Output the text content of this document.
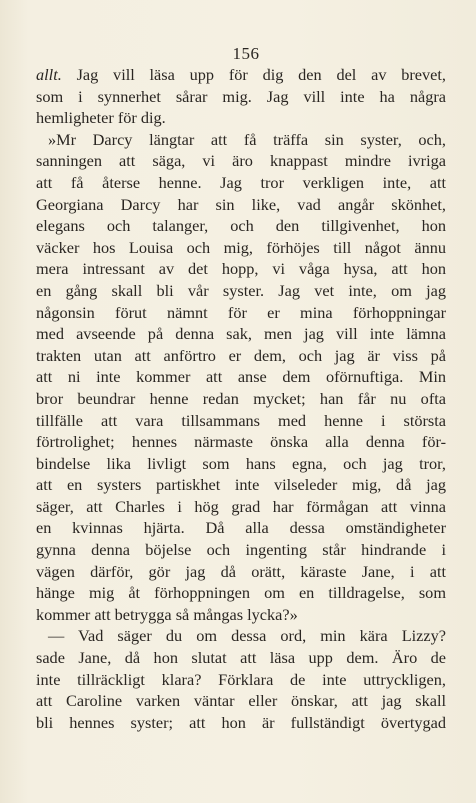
156
allt. Jag vill läsa upp för dig den del av brevet,
som i synnerhet sårar mig. Jag vill inte ha några
hemligheter för dig.
»Mr Darcy längtar att få träffa sin syster, och,
sanningen att säga, vi äro knappast mindre ivriga
att få återse henne. Jag tror verkligen inte, att
Georgiana Darcy har sin like, vad angår skönhet,
elegans och talanger, och den tillgivenhet, hon
väcker hos Louisa och mig, förhöjes till något ännu
mera intressant av det hopp, vi våga hysa, att hon
en gång skall bli vår syster. Jag vet inte, om jag
någonsin förut nämnt för er mina förhoppningar
med avseende på denna sak, men jag vill inte lämna
trakten utan att anförtro er dem, och jag är viss på
att ni inte kommer att anse dem oförnuftiga. Min
bror beundrar henne redan mycket; han får nu ofta
tillfälle att vara tillsammans med henne i största
förtrolighet; hennes närmaste önska alla denna för-
bindelse lika livligt som hans egna, och jag tror,
att en systers partiskhet inte vilseleder mig, då jag
säger, att Charles i hög grad har förmågan att vinna
en kvinnas hjärta. Då alla dessa omständigheter
gynna denna böjelse och ingenting står hindrande i
vägen därför, gör jag då orätt, käraste Jane, i att
hänge mig åt förhoppningen om en tilldragelse, som
kommer att betrygga så mångas lycka?»
— Vad säger du om dessa ord, min kära Lizzy?
sade Jane, då hon slutat att läsa upp dem. Äro de
inte tillräckligt klara? Förklara de inte uttryckligen,
att Caroline varken väntar eller önskar, att jag skall
bli hennes syster; att hon är fullständigt övertygad
